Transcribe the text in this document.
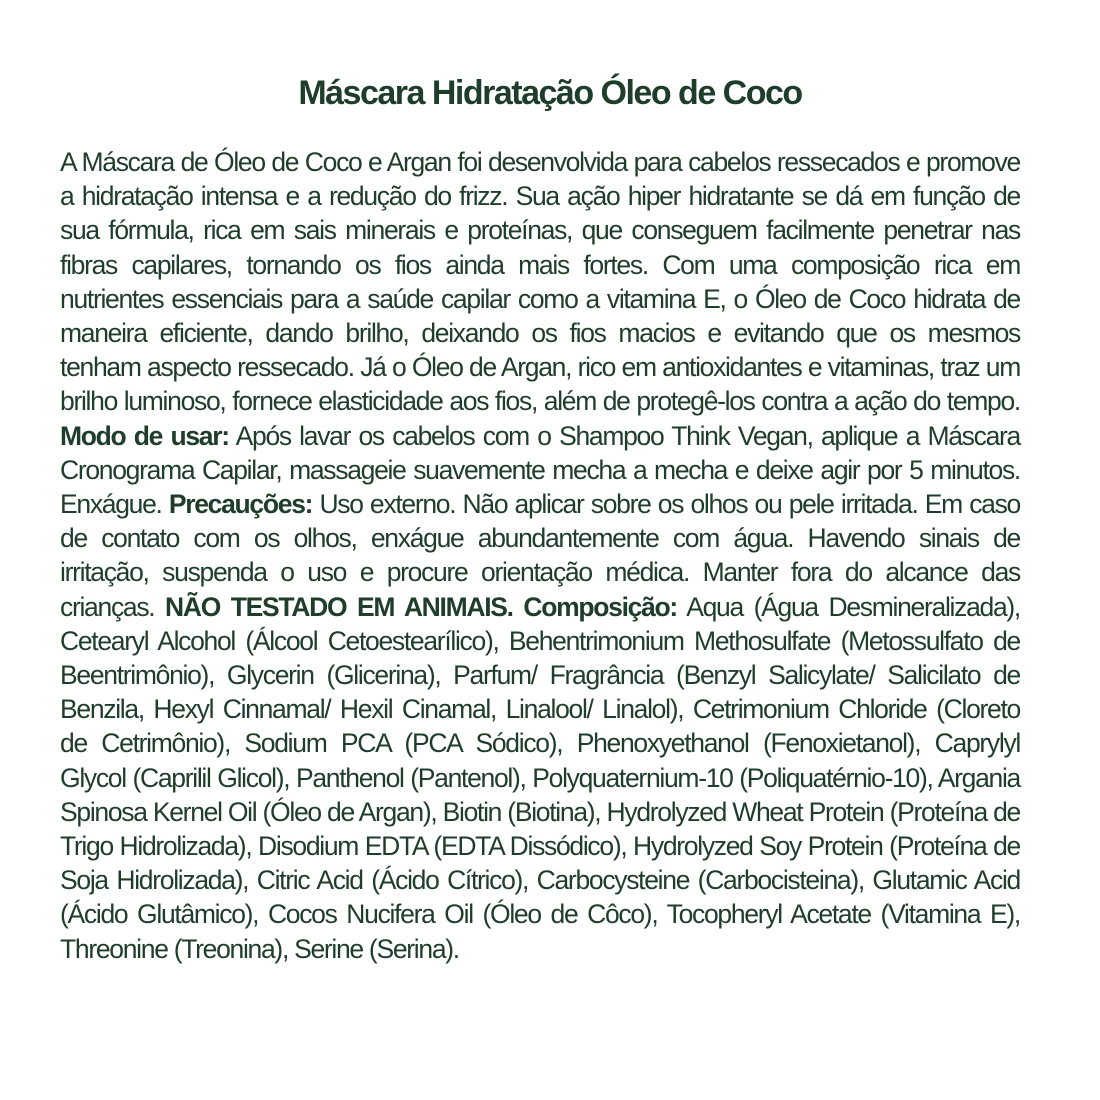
Máscara Hidratação Óleo de Coco

A Máscara de Óleo de Coco e Argan foi desenvolvida para cabelos ressecados e promove a hidratação intensa e a redução do frizz. Sua ação hiper hidratante se dá em função de sua fórmula, rica em sais minerais e proteínas, que conseguem facilmente penetrar nas fibras capilares, tornando os fios ainda mais fortes. Com uma composição rica em nutrientes essenciais para a saúde capilar como a vitamina E, o Óleo de Coco hidrata de maneira eficiente, dando brilho, deixando os fios macios e evitando que os mesmos tenham aspecto ressecado. Já o Óleo de Argan, rico em antioxidantes e vitaminas, traz um brilho luminoso, fornece elasticidade aos fios, além de protegê-los contra a ação do tempo. Modo de usar: Após lavar os cabelos com o Shampoo Think Vegan, aplique a Máscara Cronograma Capilar, massageie suavemente mecha a mecha e deixe agir por 5 minutos. Enxágue. Precauções: Uso externo. Não aplicar sobre os olhos ou pele irritada. Em caso de contato com os olhos, enxágue abundantemente com água. Havendo sinais de irritação, suspenda o uso e procure orientação médica. Manter fora do alcance das crianças. NÃO TESTADO EM ANIMAIS. Composição: Aqua (Água Desmineralizada), Cetearyl Alcohol (Álcool Cetoestearílico), Behentrimonium Methosulfate (Metossulfato de Beentrimônio), Glycerin (Glicerina), Parfum/ Fragrância (Benzyl Salicylate/ Salicilato de Benzila, Hexyl Cinnamal/ Hexil Cinamal, Linalool/ Linalol), Cetrimonium Chloride (Cloreto de Cetrimônio), Sodium PCA (PCA Sódico), Phenoxyethanol (Fenoxietanol), Caprylyl Glycol (Caprilil Glicol), Panthenol (Pantenol), Polyquaternium-10 (Poliquatérnio-10), Argania Spinosa Kernel Oil (Óleo de Argan), Biotin (Biotina), Hydrolyzed Wheat Protein (Proteína de Trigo Hidrolizada), Disodium EDTA (EDTA Dissódico), Hydrolyzed Soy Protein (Proteína de Soja Hidrolizada), Citric Acid (Ácido Cítrico), Carbocysteine (Carbocisteina), Glutamic Acid (Ácido Glutâmico), Cocos Nucifera Oil (Óleo de Côco), Tocopheryl Acetate (Vitamina E), Threonine (Treonina), Serine (Serina).
